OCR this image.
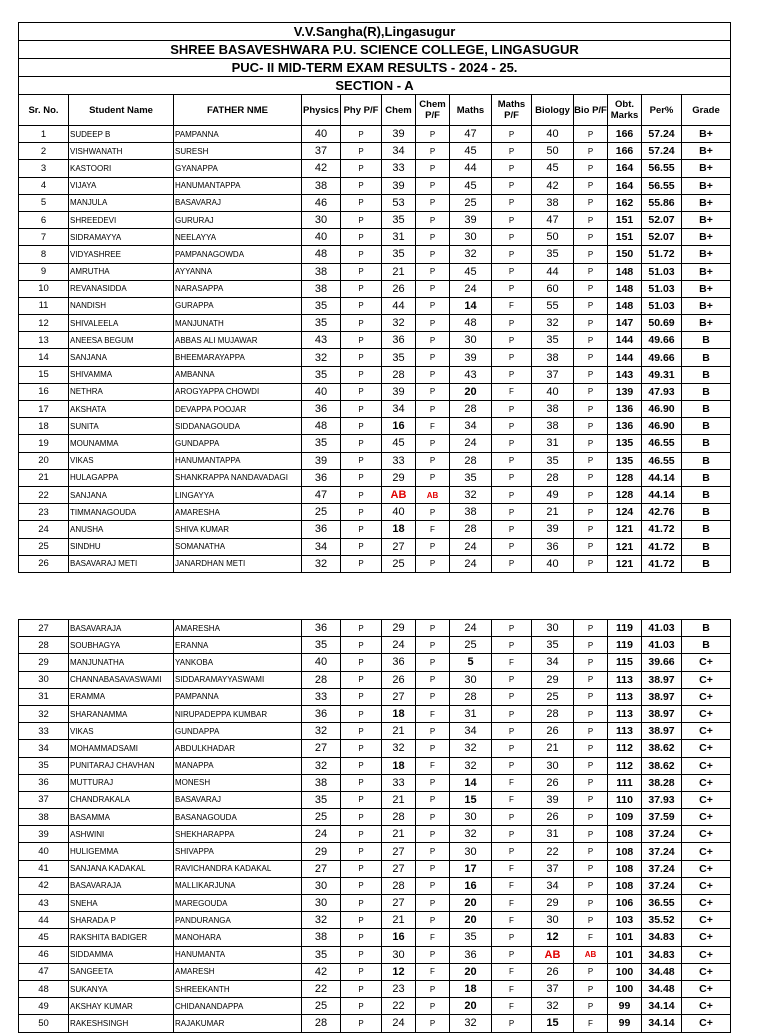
V.V.Sangha(R),Lingasugur													
SHREE BASAVESHWARA P.U. SCIENCE COLLEGE, LINGASUGUR													
PUC- II MID-TERM EXAM RESULTS - 2024 - 25.													
SECTION - A													
Sr. No.	Student Name	FATHER NME	Physics	Phy P/F	Chem	Chem P/F	Maths	Maths P/F	Biology	Bio P/F	Obt. Marks	Per%	Grade
1	SUDEEP B	PAMPANNA	40	P	39	P	47	P	40	P	166	57.24	B+
2	VISHWANATH	SURESH	37	P	34	P	45	P	50	P	166	57.24	B+
3	KASTOORI	GYANAPPA	42	P	33	P	44	P	45	P	164	56.55	B+
4	VIJAYA	HANUMANTAPPA	38	P	39	P	45	P	42	P	164	56.55	B+
5	MANJULA	BASAVARAJ	46	P	53	P	25	P	38	P	162	55.86	B+
6	SHREEDEVI	GURURAJ	30	P	35	P	39	P	47	P	151	52.07	B+
7	SIDRAMAYYA	NEELAYYA	40	P	31	P	30	P	50	P	151	52.07	B+
8	VIDYASHREE	PAMPANAGOWDA	48	P	35	P	32	P	35	P	150	51.72	B+
9	AMRUTHA	AYYANNA	38	P	21	P	45	P	44	P	148	51.03	B+
10	REVANASIDDA	NARASAPPA	38	P	26	P	24	P	60	P	148	51.03	B+
11	NANDISH	GURAPPA	35	P	44	P	14	F	55	P	148	51.03	B+
12	SHIVALEELA	MANJUNATH	35	P	32	P	48	P	32	P	147	50.69	B+
13	ANEESA BEGUM	ABBAS ALI MUJAWAR	43	P	36	P	30	P	35	P	144	49.66	B
14	SANJANA	BHEEMARAYAPPA	32	P	35	P	39	P	38	P	144	49.66	B
15	SHIVAMMA	AMBANNA	35	P	28	P	43	P	37	P	143	49.31	B
16	NETHRA	AROGYAPPA CHOWDI	40	P	39	P	20	F	40	P	139	47.93	B
17	AKSHATA	DEVAPPA POOJAR	36	P	34	P	28	P	38	P	136	46.90	B
18	SUNITA	SIDDANAGOUDA	48	P	16	F	34	P	38	P	136	46.90	B
19	MOUNAMMA	GUNDAPPA	35	P	45	P	24	P	31	P	135	46.55	B
20	VIKAS	HANUMANTAPPA	39	P	33	P	28	P	35	P	135	46.55	B
21	HULAGAPPA	SHANKRAPPA NANDAVADAGI	36	P	29	P	35	P	28	P	128	44.14	B
22	SANJANA	LINGAYYA	47	P	AB	AB	32	P	49	P	128	44.14	B
23	TIMMANAGOUDA	AMARESHA	25	P	40	P	38	P	21	P	124	42.76	B
24	ANUSHA	SHIVA KUMAR	36	P	18	F	28	P	39	P	121	41.72	B
25	SINDHU	SOMANATHA	34	P	27	P	24	P	36	P	121	41.72	B
26	BASAVARAJ METI	JANARDHAN METI	32	P	25	P	24	P	40	P	121	41.72	B
27	BASAVARAJA	AMARESHA	36	P	29	P	24	P	30	P	119	41.03	B
28	SOUBHAGYA	ERANNA	35	P	24	P	25	P	35	P	119	41.03	B
29	MANJUNATHA	YANKOBA	40	P	36	P	5	F	34	P	115	39.66	C+
30	CHANNABASAVASWAMI	SIDDARAMAYYASWAMI	28	P	26	P	30	P	29	P	113	38.97	C+
31	ERAMMA	PAMPANNA	33	P	27	P	28	P	25	P	113	38.97	C+
32	SHARANAMMA	NIRUPADEPPA KUMBAR	36	P	18	F	31	P	28	P	113	38.97	C+
33	VIKAS	GUNDAPPA	32	P	21	P	34	P	26	P	113	38.97	C+
34	MOHAMMADSAMI	ABDULKHADAR	27	P	32	P	32	P	21	P	112	38.62	C+
35	PUNITARAJ CHAVHAN	MANAPPA	32	P	18	F	32	P	30	P	112	38.62	C+
36	MUTTURAJ	MONESH	38	P	33	P	14	F	26	P	111	38.28	C+
37	CHANDRAKALA	BASAVARAJ	35	P	21	P	15	F	39	P	110	37.93	C+
38	BASAMMA	BASANAGOUDA	25	P	28	P	30	P	26	P	109	37.59	C+
39	ASHWINI	SHEKHARAPPA	24	P	21	P	32	P	31	P	108	37.24	C+
40	HULIGEMMA	SHIVAPPA	29	P	27	P	30	P	22	P	108	37.24	C+
41	SANJANA KADAKAL	RAVICHANDRA KADAKAL	27	P	27	P	17	F	37	P	108	37.24	C+
42	BASAVARAJA	MALLIKARJUNA	30	P	28	P	16	F	34	P	108	37.24	C+
43	SNEHA	MAREGOUDA	30	P	27	P	20	F	29	P	106	36.55	C+
44	SHARADA P	PANDURANGA	32	P	21	P	20	F	30	P	103	35.52	C+
45	RAKSHITA BADIGER	MANOHARA	38	P	16	F	35	P	12	F	101	34.83	C+
46	SIDDAMMA	HANUMANTA	35	P	30	P	36	P	AB	AB	101	34.83	C+
47	SANGEETA	AMARESH	42	P	12	F	20	F	26	P	100	34.48	C+
48	SUKANYA	SHREEKANTH	22	P	23	P	18	F	37	P	100	34.48	C+
49	AKSHAY KUMAR	CHIDANANDAPPA	25	P	22	P	20	F	32	P	99	34.14	C+
50	RAKESHSINGH	RAJAKUMAR	28	P	24	P	32	P	15	F	99	34.14	C+
